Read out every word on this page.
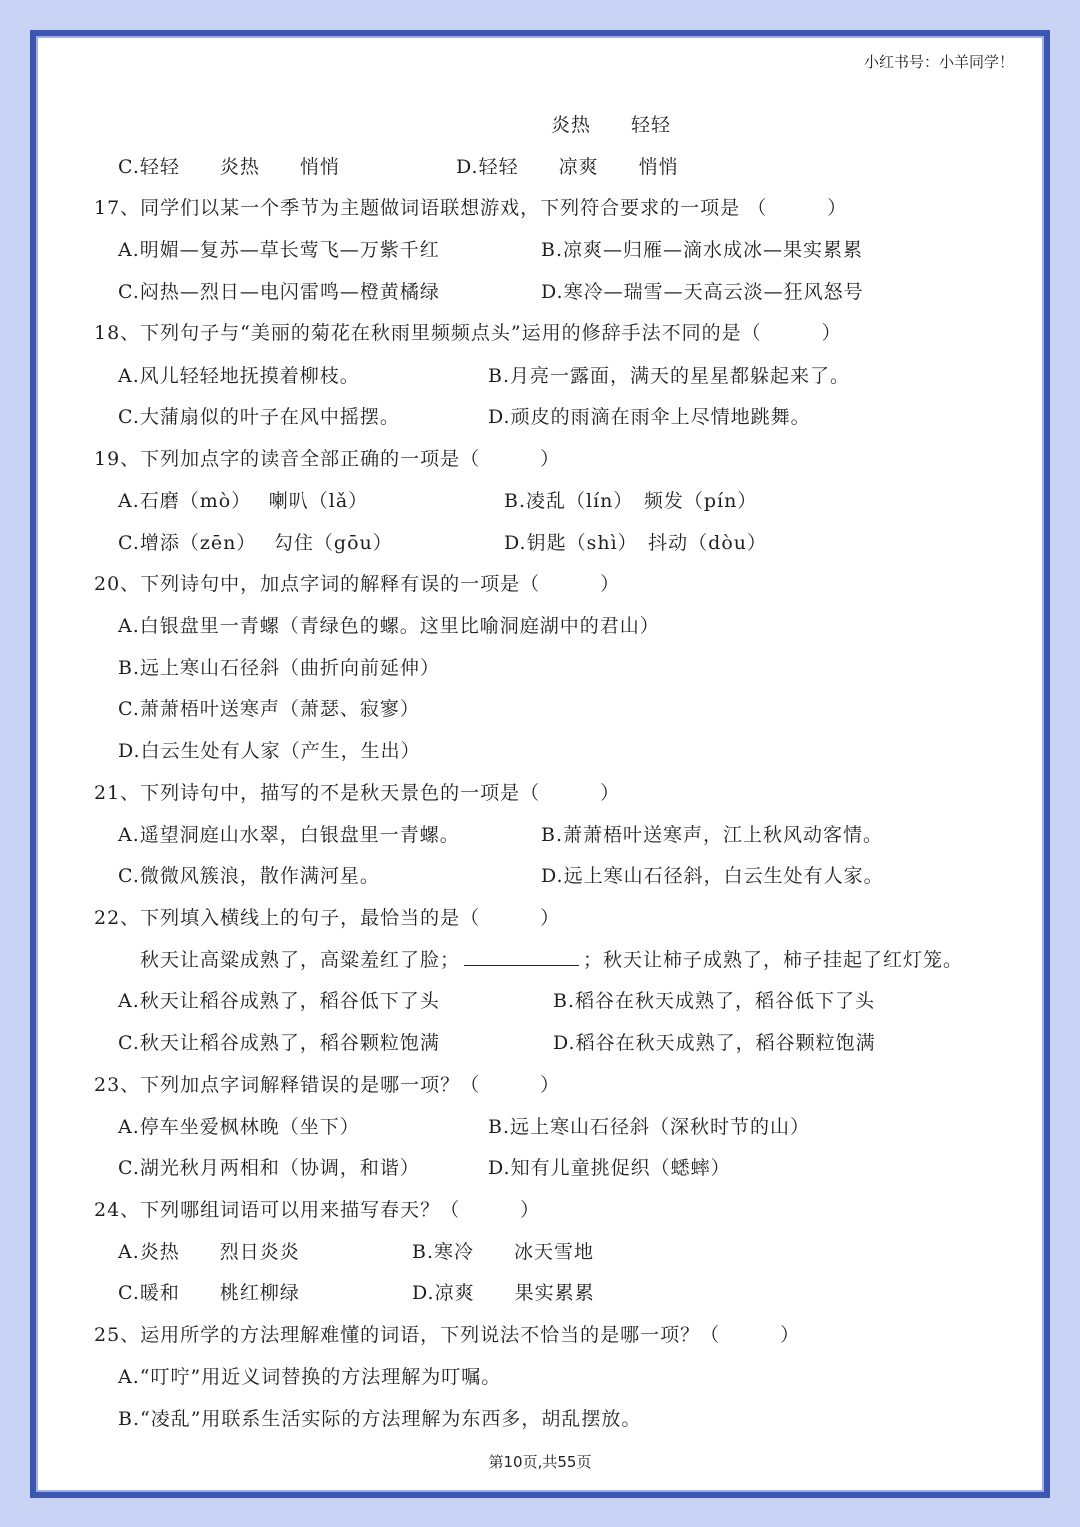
小红书号：小羊同学！
炎热　　轻轻
C.轻轻　　炎热　　悄悄	D.轻轻　　凉爽　　悄悄
17、同学们以某一个季节为主题做词语联想游戏，下列符合要求的一项是 （　　　）
A.明媚—复苏—草长莺飞—万紫千红	B.凉爽—归雁—滴水成冰—果实累累
C.闷热—烈日—电闪雷鸣—橙黄橘绿	D.寒冷—瑞雪—天高云淡—狂风怒号
18、下列句子与“美丽的菊花在秋雨里频频点头”运用的修辞手法不同的是（　　　）
A.风儿轻轻地抚摸着柳枝。	B.月亮一露面，满天的星星都躲起来了。
C.大蒲扇似的叶子在风中摇摆。	D.顽皮的雨滴在雨伞上尽情地跳舞。
19、下列加点字的读音全部正确的一项是（　　　）
A.石磨（mò）　 喇叭（lǎ）	B.凌乱（lín）　频发（pín）
C.增添（zēn）　 勾住（gōu）	D.钥匙（shì）　抖动（dòu）
20、下列诗句中，加点字词的解释有误的一项是（　　　）
A.白银盘里一青螺（青绿色的螺。这里比喻洞庭湖中的君山）
B.远上寒山石径斜（曲折向前延伸）
C.萧萧梧叶送寒声（萧瑟、寂寥）
D.白云生处有人家（产生，生出）
21、下列诗句中，描写的不是秋天景色的一项是（　　　）
A.遥望洞庭山水翠，白银盘里一青螺。	B.萧萧梧叶送寒声，江上秋风动客情。
C.微微风簇浪，散作满河星。	D.远上寒山石径斜，白云生处有人家。
22、下列填入横线上的句子，最恰当的是（　　　）
秋天让高粱成熟了，高粱羞红了脸；	；秋天让柿子成熟了，柿子挂起了红灯笼。
A.秋天让稻谷成熟了，稻谷低下了头	B.稻谷在秋天成熟了，稻谷低下了头
C.秋天让稻谷成熟了，稻谷颗粒饱满	D.稻谷在秋天成熟了，稻谷颗粒饱满
23、下列加点字词解释错误的是哪一项？（　　　）
A.停车坐爱枫林晚（坐下）	B.远上寒山石径斜（深秋时节的山）
C.湖光秋月两相和（协调，和谐）	D.知有儿童挑促织（蟋蟀）
24、下列哪组词语可以用来描写春天？（　　　）
A.炎热　　烈日炎炎	B.寒冷　　冰天雪地
C.暖和　　桃红柳绿	D.凉爽　　果实累累
25、运用所学的方法理解难懂的词语，下列说法不恰当的是哪一项？（　　　）
A.“叮咛”用近义词替换的方法理解为叮嘱。
B.“凌乱”用联系生活实际的方法理解为东西多，胡乱摆放。
第10页,共55页
